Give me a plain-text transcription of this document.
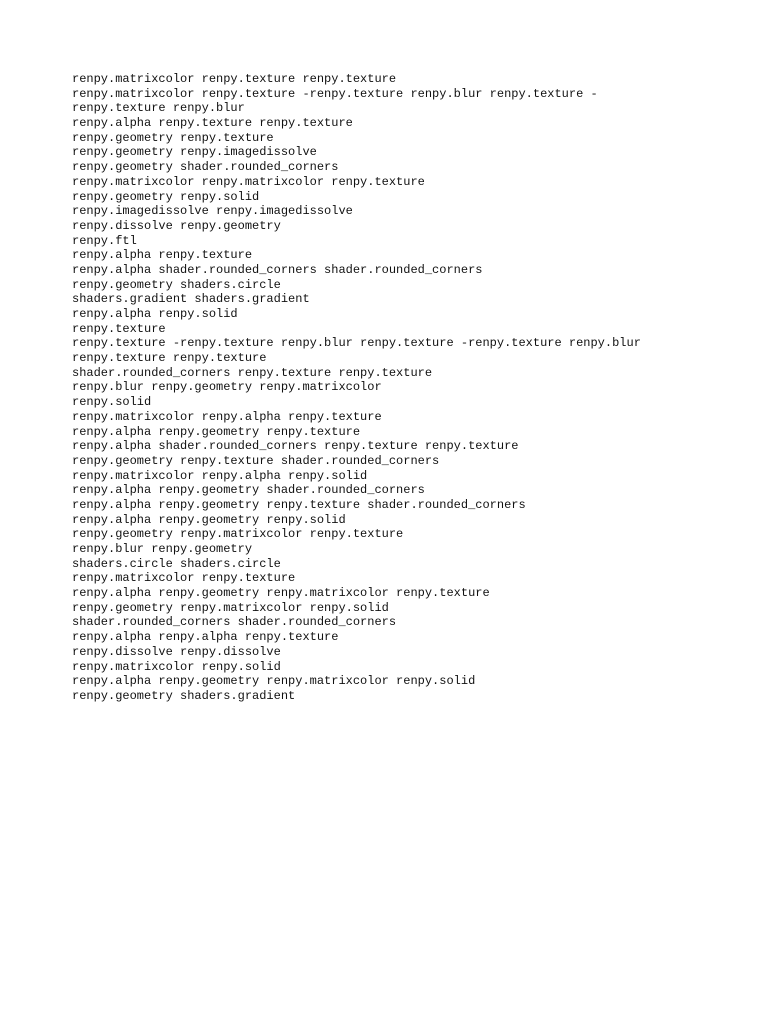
renpy.matrixcolor renpy.texture renpy.texture
renpy.matrixcolor renpy.texture -renpy.texture renpy.blur renpy.texture -
renpy.texture renpy.blur
renpy.alpha renpy.texture renpy.texture
renpy.geometry renpy.texture
renpy.geometry renpy.imagedissolve
renpy.geometry shader.rounded_corners
renpy.matrixcolor renpy.matrixcolor renpy.texture
renpy.geometry renpy.solid
renpy.imagedissolve renpy.imagedissolve
renpy.dissolve renpy.geometry
renpy.ftl
renpy.alpha renpy.texture
renpy.alpha shader.rounded_corners shader.rounded_corners
renpy.geometry shaders.circle
shaders.gradient shaders.gradient
renpy.alpha renpy.solid
renpy.texture
renpy.texture -renpy.texture renpy.blur renpy.texture -renpy.texture renpy.blur
renpy.texture renpy.texture
shader.rounded_corners renpy.texture renpy.texture
renpy.blur renpy.geometry renpy.matrixcolor
renpy.solid
renpy.matrixcolor renpy.alpha renpy.texture
renpy.alpha renpy.geometry renpy.texture
renpy.alpha shader.rounded_corners renpy.texture renpy.texture
renpy.geometry renpy.texture shader.rounded_corners
renpy.matrixcolor renpy.alpha renpy.solid
renpy.alpha renpy.geometry shader.rounded_corners
renpy.alpha renpy.geometry renpy.texture shader.rounded_corners
renpy.alpha renpy.geometry renpy.solid
renpy.geometry renpy.matrixcolor renpy.texture
renpy.blur renpy.geometry
shaders.circle shaders.circle
renpy.matrixcolor renpy.texture
renpy.alpha renpy.geometry renpy.matrixcolor renpy.texture
renpy.geometry renpy.matrixcolor renpy.solid
shader.rounded_corners shader.rounded_corners
renpy.alpha renpy.alpha renpy.texture
renpy.dissolve renpy.dissolve
renpy.matrixcolor renpy.solid
renpy.alpha renpy.geometry renpy.matrixcolor renpy.solid
renpy.geometry shaders.gradient
